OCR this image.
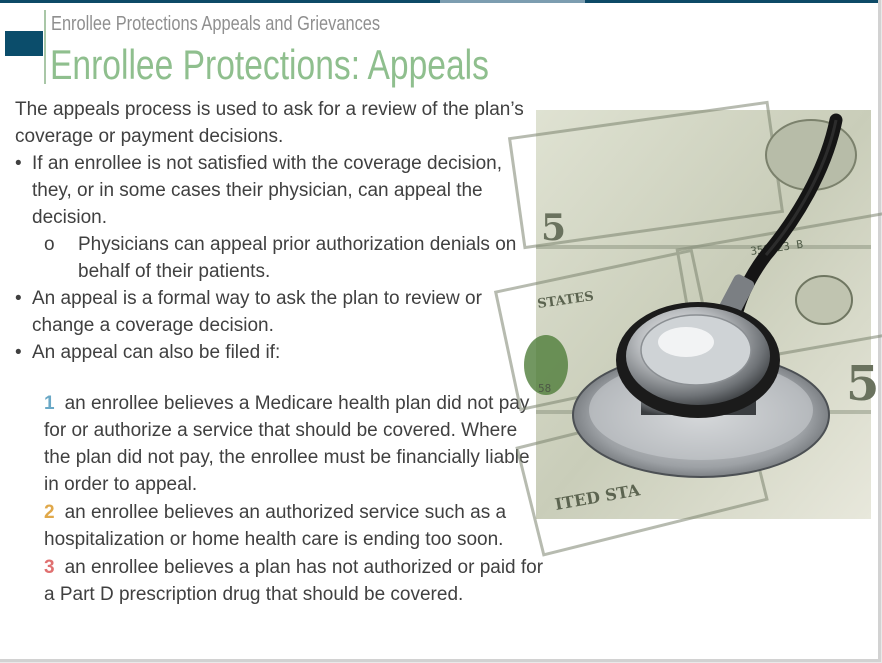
Enrollee Protections Appeals and Grievances
Enrollee Protections: Appeals
The appeals process is used to ask for a review of the plan’s coverage or payment decisions.
• If an enrollee is not satisfied with the coverage decision, they, or in some cases their physician, can appeal the decision.
o Physicians can appeal prior authorization denials on behalf of their patients.
• An appeal is a formal way to ask the plan to review or change a coverage decision.
• An appeal can also be filed if:
1 an enrollee believes a Medicare health plan did not pay for or authorize a service that should be covered. Where the plan did not pay, the enrollee must be financially liable in order to appeal.
2 an enrollee believes an authorized service such as a hospitalization or home health care is ending too soon.
3 an enrollee believes a plan has not authorized or paid for a Part D prescription drug that should be covered.
5
5	358423 B
58
STATES
ITED STA
